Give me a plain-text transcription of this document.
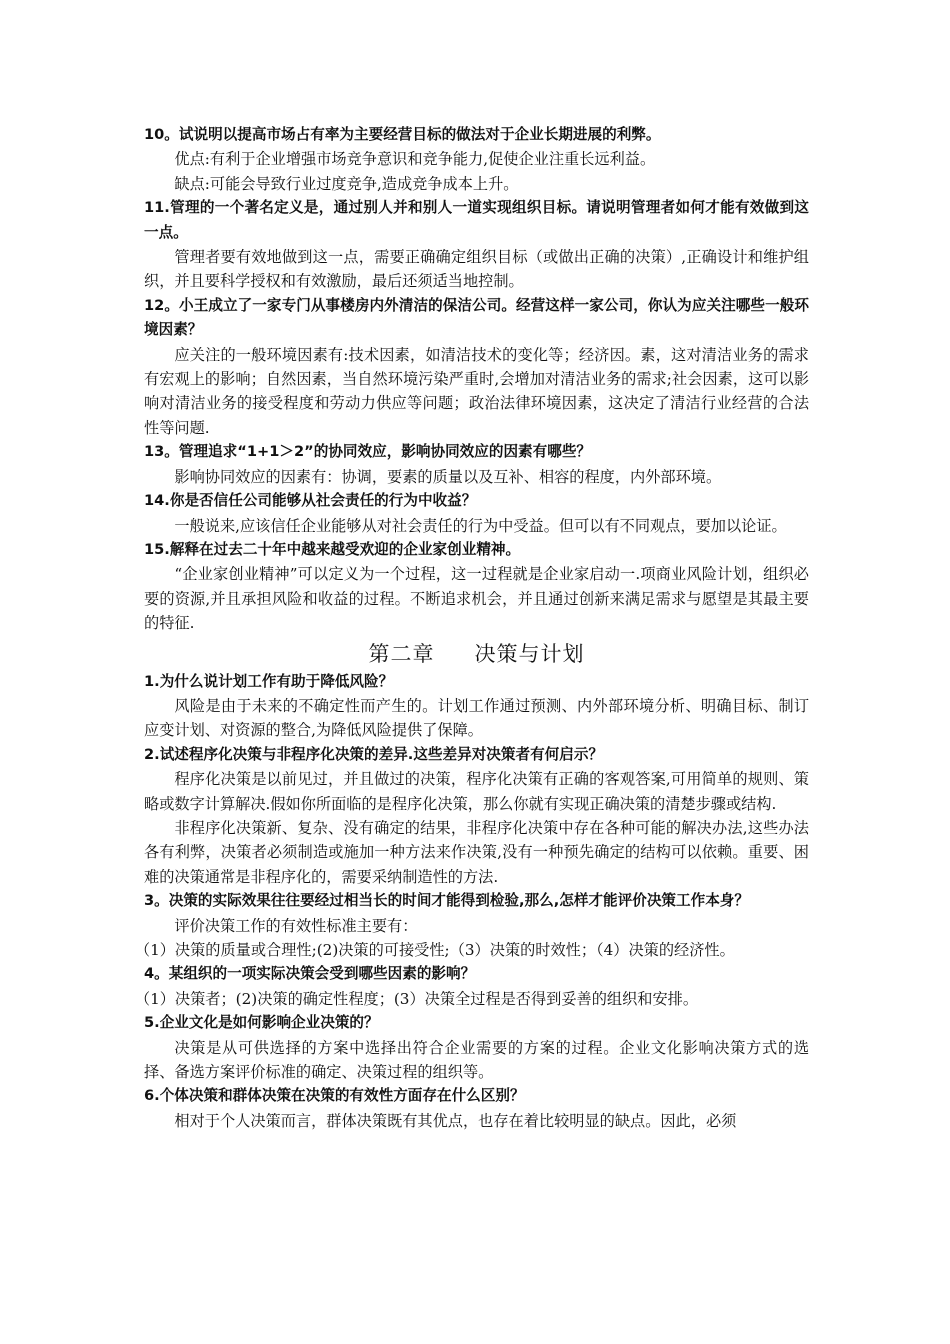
10。试说明以提高市场占有率为主要经营目标的做法对于企业长期进展的利弊。

优点:有利于企业增强市场竞争意识和竞争能力,促使企业注重长远利益。

缺点:可能会导致行业过度竞争,造成竞争成本上升。

11.管理的一个著名定义是，通过别人并和别人一道实现组织目标。请说明管理者如何才能有效做到这一点。

管理者要有效地做到这一点，需要正确确定组织目标（或做出正确的决策）,正确设计和维护组织，并且要科学授权和有效激励，最后还须适当地控制。

12。小王成立了一家专门从事楼房内外清洁的保洁公司。经营这样一家公司，你认为应关注哪些一般环境因素？

应关注的一般环境因素有:技术因素，如清洁技术的变化等；经济因。素，这对清洁业务的需求有宏观上的影响；自然因素，当自然环境污染严重时,会增加对清洁业务的需求;社会因素，这可以影响对清洁业务的接受程度和劳动力供应等问题；政治法律环境因素，这决定了清洁行业经营的合法性等问题.

13。管理追求“1+1＞2”的协同效应，影响协同效应的因素有哪些？

影响协同效应的因素有：协调，要素的质量以及互补、相容的程度，内外部环境。

14.你是否信任公司能够从社会责任的行为中收益？

一般说来,应该信任企业能够从对社会责任的行为中受益。但可以有不同观点，要加以论证。

15.解释在过去二十年中越来越受欢迎的企业家创业精神。

“企业家创业精神”可以定义为一个过程，这一过程就是企业家启动一.项商业风险计划，组织必要的资源,并且承担风险和收益的过程。不断追求机会，并且通过创新来满足需求与愿望是其最主要的特征.

第二章 决策与计划

1.为什么说计划工作有助于降低风险？

风险是由于未来的不确定性而产生的。计划工作通过预测、内外部环境分析、明确目标、制订应变计划、对资源的整合,为降低风险提供了保障。

2.试述程序化决策与非程序化决策的差异.这些差异对决策者有何启示？

程序化决策是以前见过，并且做过的决策，程序化决策有正确的客观答案,可用简单的规则、策略或数字计算解决.假如你所面临的是程序化决策，那么你就有实现正确决策的清楚步骤或结构.

非程序化决策新、复杂、没有确定的结果，非程序化决策中存在各种可能的解决办法,这些办法各有利弊，决策者必须制造或施加一种方法来作决策,没有一种预先确定的结构可以依赖。重要、困难的决策通常是非程序化的，需要采纳制造性的方法.

3。决策的实际效果往往要经过相当长的时间才能得到检验,那么,怎样才能评价决策工作本身？

评价决策工作的有效性标准主要有：

（1）决策的质量或合理性;(2)决策的可接受性;（3）决策的时效性；（4）决策的经济性。

4。某组织的一项实际决策会受到哪些因素的影响？

（1）决策者；(2)决策的确定性程度；(3）决策全过程是否得到妥善的组织和安排。

5.企业文化是如何影响企业决策的？

决策是从可供选择的方案中选择出符合企业需要的方案的过程。企业文化影响决策方式的选择、备选方案评价标准的确定、决策过程的组织等。

6.个体决策和群体决策在决策的有效性方面存在什么区别？

相对于个人决策而言，群体决策既有其优点，也存在着比较明显的缺点。因此，必须
